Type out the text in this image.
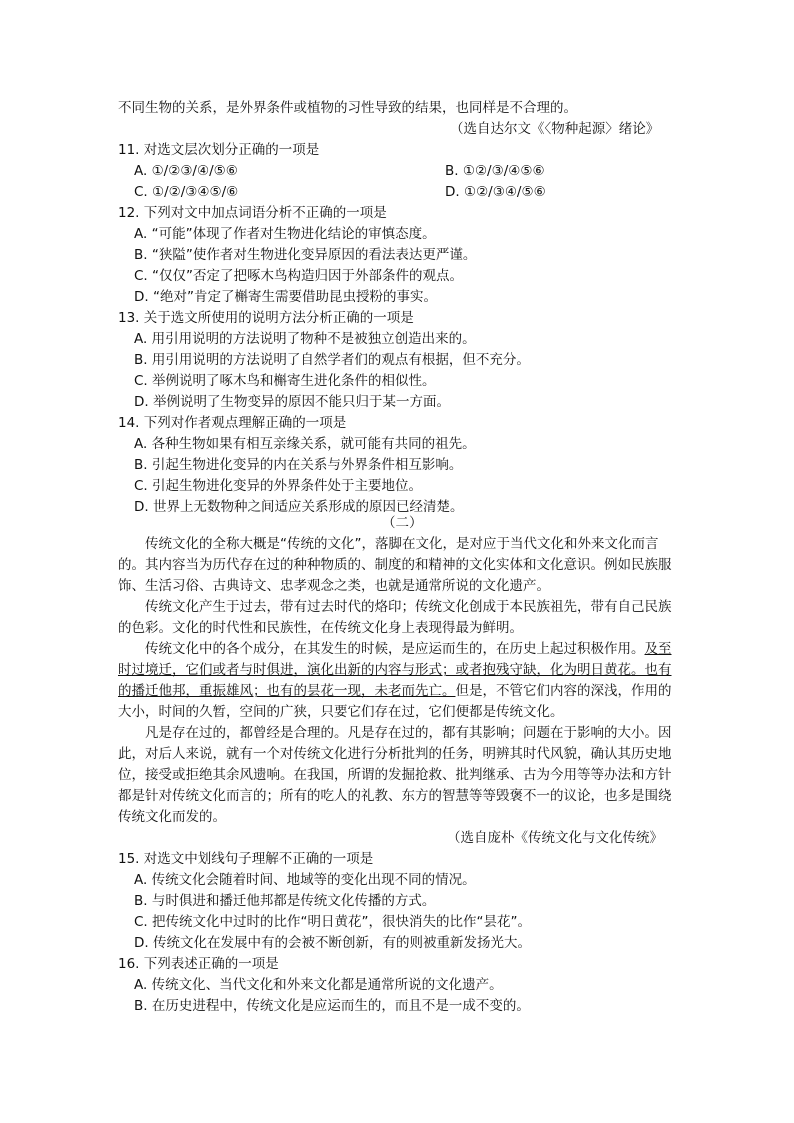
不同生物的关系，是外界条件或植物的习性导致的结果，也同样是不合理的。
（选自达尔文《〈物种起源〉绪论》
11. 对选文层次划分正确的一项是
A. ①/②③/④/⑤⑥	B. ①②/③/④⑤⑥
C. ①/②/③④⑤/⑥	D. ①②/③④/⑤⑥
12. 下列对文中加点词语分析不正确的一项是
A. “可能”体现了作者对生物进化结论的审慎态度。
B. “狭隘”使作者对生物进化变异原因的看法表达更严谨。
C. “仅仅”否定了把啄木鸟构造归因于外部条件的观点。
D. “绝对”肯定了槲寄生需要借助昆虫授粉的事实。
13. 关于选文所使用的说明方法分析正确的一项是
A. 用引用说明的方法说明了物种不是被独立创造出来的。
B. 用引用说明的方法说明了自然学者们的观点有根据，但不充分。
C. 举例说明了啄木鸟和槲寄生进化条件的相似性。
D. 举例说明了生物变异的原因不能只归于某一方面。
14. 下列对作者观点理解正确的一项是
A. 各种生物如果有相互亲缘关系，就可能有共同的祖先。
B. 引起生物进化变异的内在关系与外界条件相互影响。
C. 引起生物进化变异的外界条件处于主要地位。
D. 世界上无数物种之间适应关系形成的原因已经清楚。
（二）
传统文化的全称大概是“传统的文化”，落脚在文化，是对应于当代文化和外来文化而言的。其内容当为历代存在过的种种物质的、制度的和精神的文化实体和文化意识。例如民族服饰、生活习俗、古典诗文、忠孝观念之类，也就是通常所说的文化遗产。
传统文化产生于过去，带有过去时代的烙印；传统文化创成于本民族祖先，带有自己民族的色彩。文化的时代性和民族性，在传统文化身上表现得最为鲜明。
传统文化中的各个成分，在其发生的时候，是应运而生的，在历史上起过积极作用。及至时过境迁，它们或者与时俱进，演化出新的内容与形式；或者抱残守缺，化为明日黄花。也有的播迁他邦，重振雄风；也有的昙花一现，未老而先亡。但是，不管它们内容的深浅，作用的大小，时间的久暂，空间的广狭，只要它们存在过，它们便都是传统文化。
凡是存在过的，都曾经是合理的。凡是存在过的，都有其影响；问题在于影响的大小。因此，对后人来说，就有一个对传统文化进行分析批判的任务，明辨其时代风貌，确认其历史地位，接受或拒绝其余风遗响。在我国，所谓的发掘抢救、批判继承、古为今用等等办法和方针都是针对传统文化而言的；所有的吃人的礼教、东方的智慧等等毁褒不一的议论，也多是围绕传统文化而发的。
（选自庞朴《传统文化与文化传统》
15. 对选文中划线句子理解不正确的一项是
A. 传统文化会随着时间、地域等的变化出现不同的情况。
B. 与时俱进和播迁他邦都是传统文化传播的方式。
C. 把传统文化中过时的比作“明日黄花”，很快消失的比作“昙花”。
D. 传统文化在发展中有的会被不断创新，有的则被重新发扬光大。
16. 下列表述正确的一项是
A. 传统文化、当代文化和外来文化都是通常所说的文化遗产。
B. 在历史进程中，传统文化是应运而生的，而且不是一成不变的。
